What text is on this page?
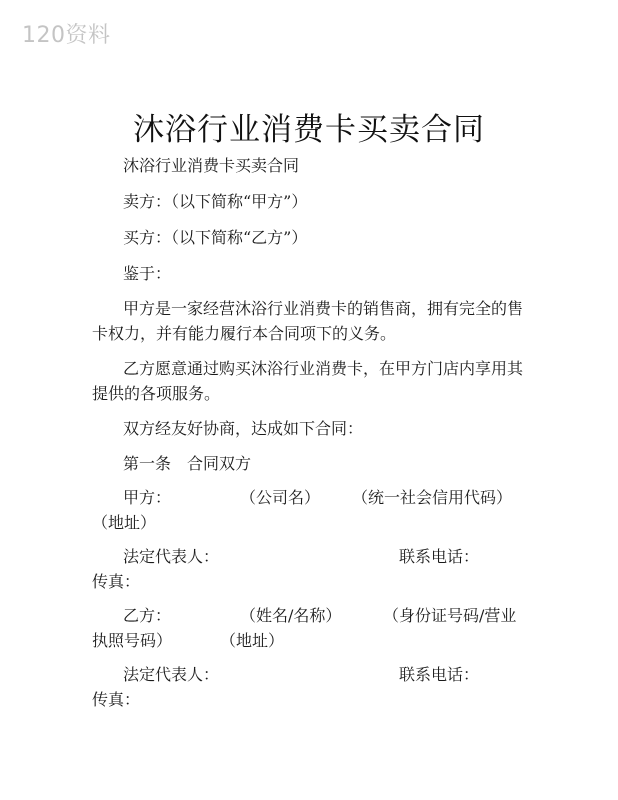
120资料
沐浴行业消费卡买卖合同
沐浴行业消费卡买卖合同
卖方：（以下简称“甲方”）
买方：（以下简称“乙方”）
鉴于：
甲方是一家经营沐浴行业消费卡的销售商，拥有完全的售
卡权力，并有能力履行本合同项下的义务。
乙方愿意通过购买沐浴行业消费卡，在甲方门店内享用其
提供的各项服务。
双方经友好协商，达成如下合同：
第一条　合同双方
甲方：	（公司名） （统一社会信用代码）
（地址）
法定代表人：	联系电话：
传真：
乙方：	（姓名/名称）	（身份证号码/营业
执照号码）	（地址）
法定代表人：	联系电话：
传真：
